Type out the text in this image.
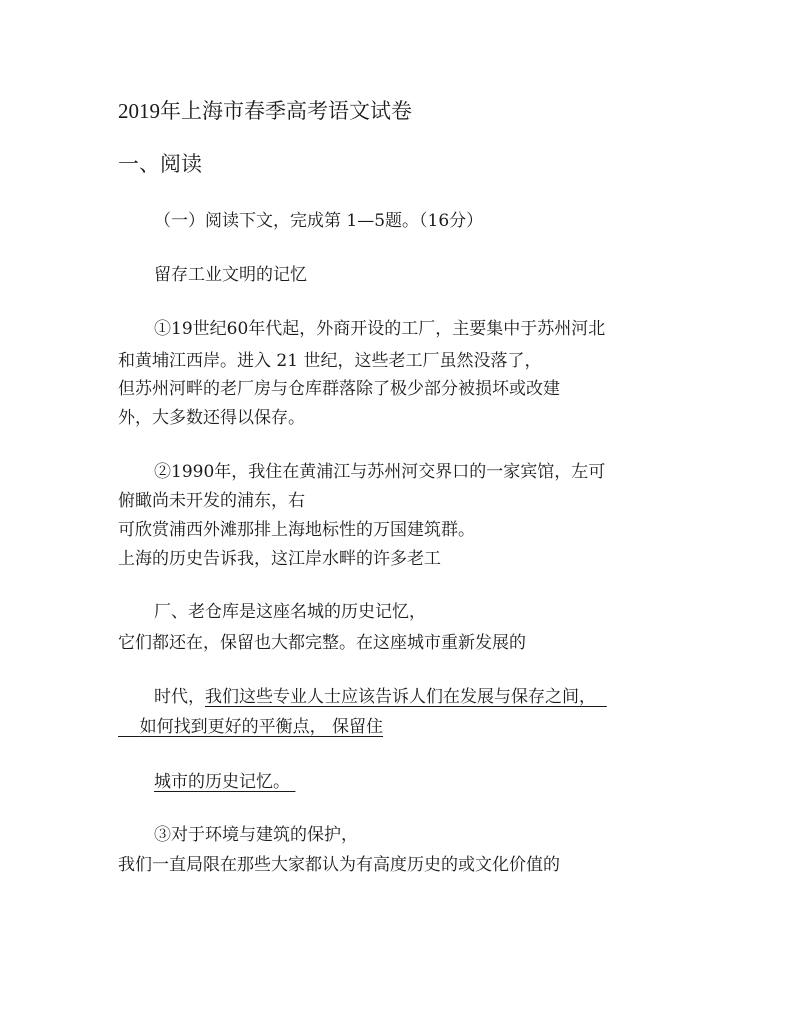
2019年上海市春季高考语文试卷
一、阅读
（一）阅读下文，完成第 1—5题。（16分）
留存工业文明的记忆
①19世纪60年代起，外商开设的工厂，主要集中于苏州河北
和黄埔江西岸。进入 21 世纪，这些老工厂虽然没落了，
但苏州河畔的老厂房与仓库群落除了极少部分被损坏或改建
外，大多数还得以保存。
②1990年，我住在黄浦江与苏州河交界口的一家宾馆，左可
俯瞰尚未开发的浦东，右
可欣赏浦西外滩那排上海地标性的万国建筑群。
上海的历史告诉我，这江岸水畔的许多老工
厂、老仓库是这座名城的历史记忆，
它们都还在，保留也大都完整。在这座城市重新发展的
时代，我们这些专业人士应该告诉人们在发展与保存之间，
如何找到更好的平衡点， 保留住
城市的历史记忆。
③对于环境与建筑的保护，
我们一直局限在那些大家都认为有高度历史的或文化价值的
